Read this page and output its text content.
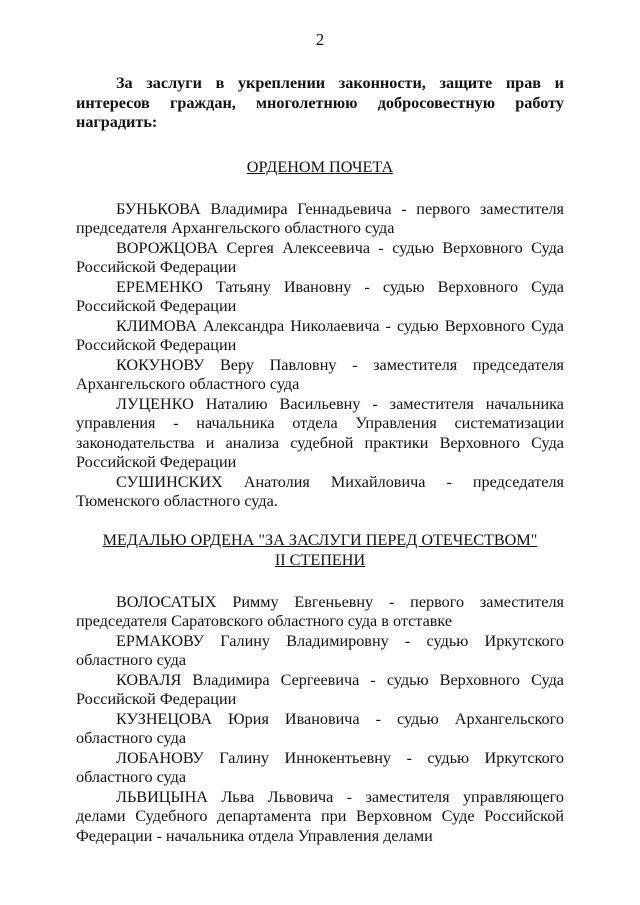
2

За заслуги в укреплении законности, защите прав и интересов граждан, многолетнюю добросовестную работу наградить:

ОРДЕНОМ ПОЧЕТА

БУНЬКОВА Владимира Геннадьевича - первого заместителя председателя Архангельского областного суда

ВОРОЖЦОВА Сергея Алексеевича - судью Верховного Суда Российской Федерации

ЕРЕМЕНКО Татьяну Ивановну - судью Верховного Суда Российской Федерации

КЛИМОВА Александра Николаевича - судью Верховного Суда Российской Федерации

КОКУНОВУ Веру Павловну - заместителя председателя Архангельского областного суда

ЛУЦЕНКО Наталию Васильевну - заместителя начальника управления - начальника отдела Управления систематизации законодательства и анализа судебной практики Верховного Суда Российской Федерации

СУШИНСКИХ Анатолия Михайловича - председателя Тюменского областного суда.

МЕДАЛЬЮ ОРДЕНА "ЗА ЗАСЛУГИ ПЕРЕД ОТЕЧЕСТВОМ"
II СТЕПЕНИ

ВОЛОСАТЫХ Римму Евгеньевну - первого заместителя председателя Саратовского областного суда в отставке

ЕРМАКОВУ Галину Владимировну - судью Иркутского областного суда

КОВАЛЯ Владимира Сергеевича - судью Верховного Суда Российской Федерации

КУЗНЕЦОВА Юрия Ивановича - судью Архангельского областного суда

ЛОБАНОВУ Галину Иннокентьевну - судью Иркутского областного суда

ЛЬВИЦЫНА Льва Львовича - заместителя управляющего делами Судебного департамента при Верховном Суде Российской Федерации - начальника отдела Управления делами
